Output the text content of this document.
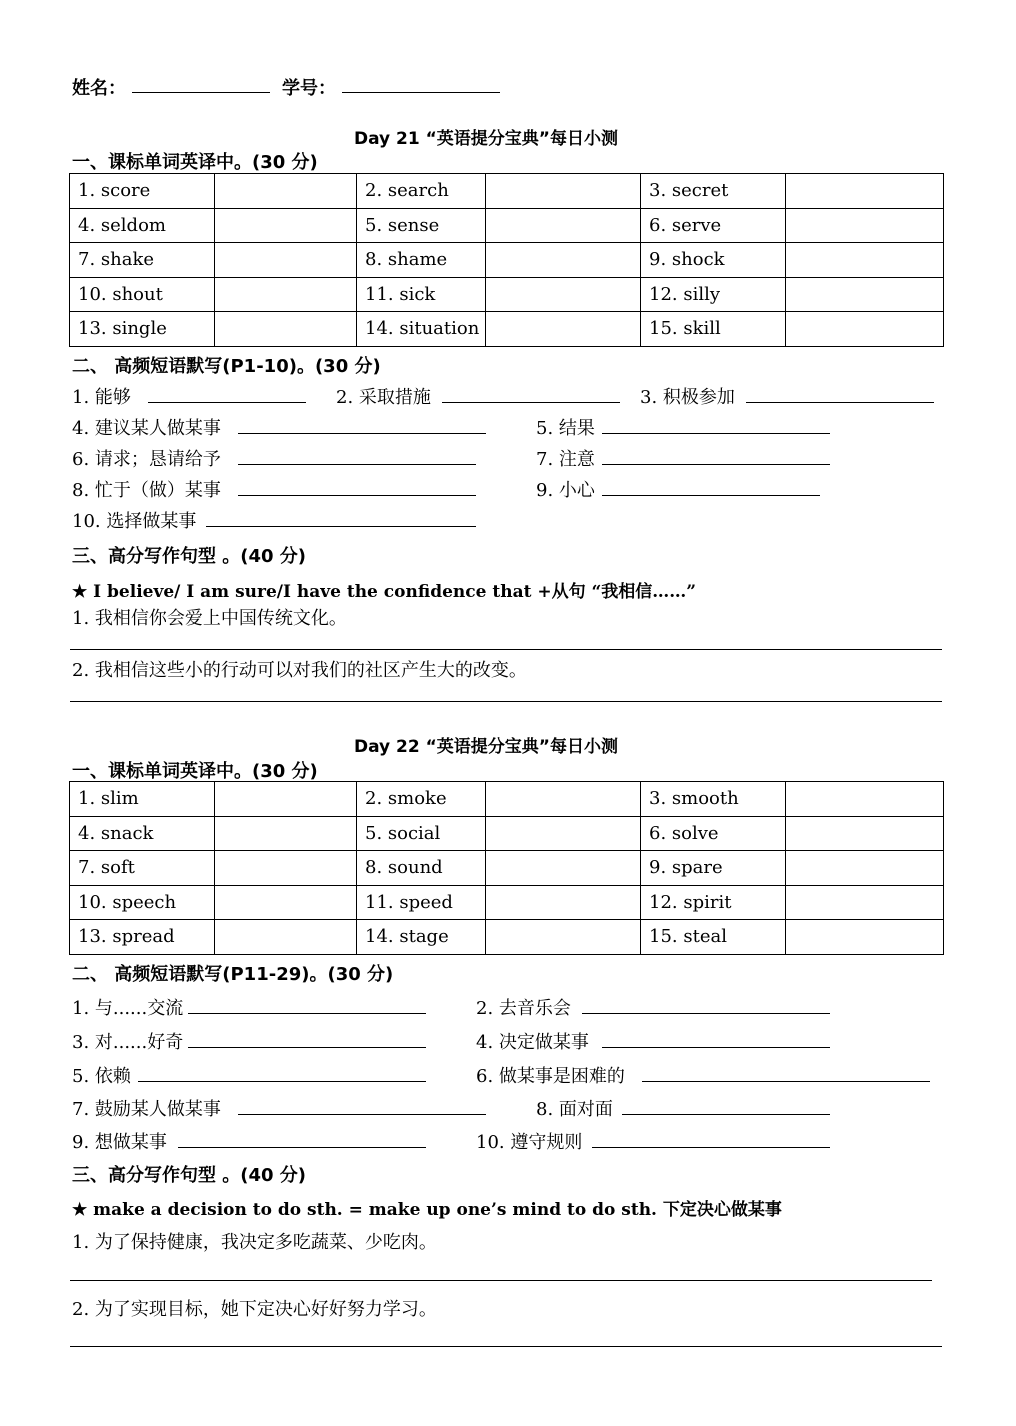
姓名：	学号：
Day 21 “英语提分宝典”每日小测
一、课标单词英译中。(30 分)
1. score		2. search		3. secret	
4. seldom		5. sense		6. serve	
7. shake		8. shame		9. shock	
10. shout		11. sick		12. silly	
13. single		14. situation		15. skill	
二、 高频短语默写(P1-10)。(30 分)
1. 能够	2. 采取措施	3. 积极参加
4. 建议某人做某事	5. 结果
6. 请求；恳请给予	7. 注意
8. 忙于（做）某事	9. 小心
10. 选择做某事
三、高分写作句型 。(40 分)
★ I believe/ I am sure/I have the confidence that +从句 “我相信……”
1. 我相信你会爱上中国传统文化。
2. 我相信这些小的行动可以对我们的社区产生大的改变。
Day 22 “英语提分宝典”每日小测
一、课标单词英译中。(30 分)
1. slim		2. smoke		3. smooth	
4. snack		5. social		6. solve	
7. soft		8. sound		9. spare	
10. speech		11. speed		12. spirit	
13. spread		14. stage		15. steal	
二、 高频短语默写(P11-29)。(30 分)
1. 与......交流	2. 去音乐会
3. 对......好奇	4. 决定做某事
5. 依赖	6. 做某事是困难的
7. 鼓励某人做某事	8. 面对面
9. 想做某事	10. 遵守规则
三、高分写作句型 。(40 分)
★ make a decision to do sth. = make up one’s mind to do sth. 下定决心做某事
1. 为了保持健康，我决定多吃蔬菜、少吃肉。
2. 为了实现目标，她下定决心好好努力学习。
